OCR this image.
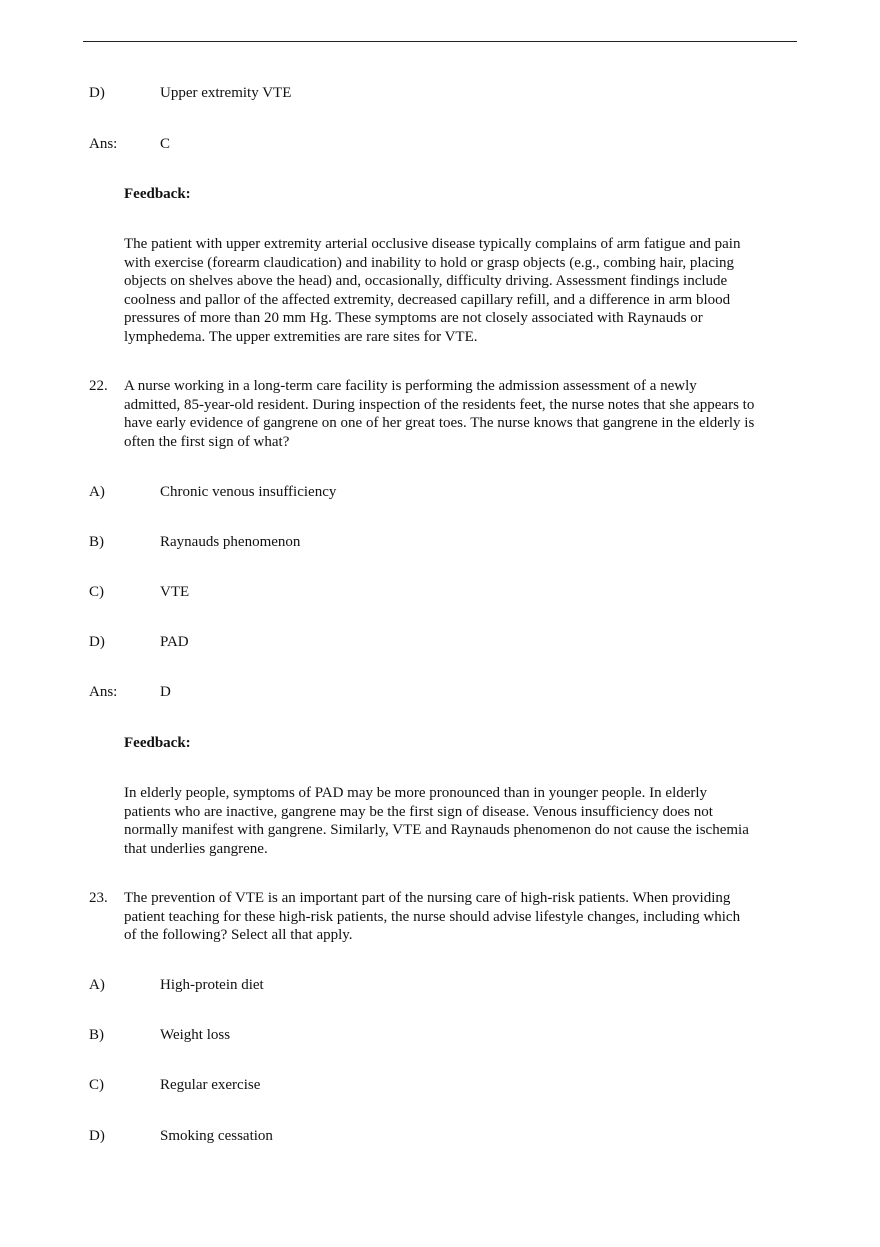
D)	Upper extremity VTE
Ans:	C
Feedback:

The patient with upper extremity arterial occlusive disease typically complains of arm fatigue and pain

with exercise (forearm claudication) and inability to hold or grasp objects (e.g., combing hair, placing

objects on shelves above the head) and, occasionally, difficulty driving. Assessment findings include

coolness and pallor of the affected extremity, decreased capillary refill, and a difference in arm blood

pressures of more than 20 mm Hg. These symptoms are not closely associated with Raynauds or

lymphedema. The upper extremities are rare sites for VTE.

22. A nurse working in a long-term care facility is performing the admission assessment of a newly

admitted, 85-year-old resident. During inspection of the residents feet, the nurse notes that she appears to

have early evidence of gangrene on one of her great toes. The nurse knows that gangrene in the elderly is

often the first sign of what?

A)	Chronic venous insufficiency
B)	Raynauds phenomenon
C)	VTE
D)	PAD
Ans:	D
Feedback:

In elderly people, symptoms of PAD may be more pronounced than in younger people. In elderly

patients who are inactive, gangrene may be the first sign of disease. Venous insufficiency does not

normally manifest with gangrene. Similarly, VTE and Raynauds phenomenon do not cause the ischemia

that underlies gangrene.

23. The prevention of VTE is an important part of the nursing care of high-risk patients. When providing

patient teaching for these high-risk patients, the nurse should advise lifestyle changes, including which

of the following? Select all that apply.

A)	High-protein diet
B)	Weight loss
C)	Regular exercise
D)	Smoking cessation
